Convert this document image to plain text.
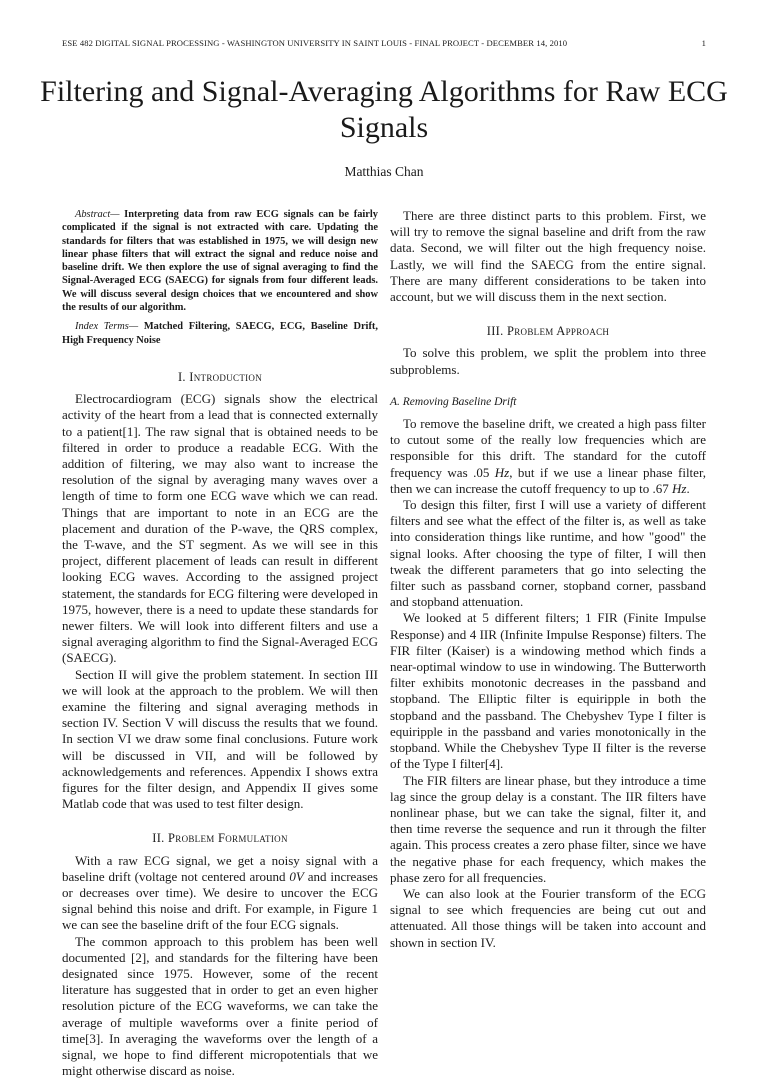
ESE 482 DIGITAL SIGNAL PROCESSING - WASHINGTON UNIVERSITY IN SAINT LOUIS - FINAL PROJECT - DECEMBER 14, 2010	1
Filtering and Signal-Averaging Algorithms for Raw ECG Signals
Matthias Chan

Abstract— Interpreting data from raw ECG signals can be fairly complicated if the signal is not extracted with care. Updating the standards for filters that was established in 1975, we will design new linear phase filters that will extract the signal and reduce noise and baseline drift. We then explore the use of signal averaging to find the Signal-Averaged ECG (SAECG) for signals from four different leads. We will discuss several design choices that we encountered and show the results of our algorithm.

Index Terms— Matched Filtering, SAECG, ECG, Baseline Drift, High Frequency Noise

I. Introduction

Electrocardiogram (ECG) signals show the electrical activity of the heart from a lead that is connected externally to a patient[1]. The raw signal that is obtained needs to be filtered in order to produce a readable ECG. With the addition of filtering, we may also want to increase the resolution of the signal by averaging many waves over a length of time to form one ECG wave which we can read. Things that are important to note in an ECG are the placement and duration of the P-wave, the QRS complex, the T-wave, and the ST segment. As we will see in this project, different placement of leads can result in different looking ECG waves. According to the assigned project statement, the standards for ECG filtering were developed in 1975, however, there is a need to update these standards for newer filters. We will look into different filters and use a signal averaging algorithm to find the Signal-Averaged ECG (SAECG).

Section II will give the problem statement. In section III we will look at the approach to the problem. We will then examine the filtering and signal averaging methods in section IV. Section V will discuss the results that we found. In section VI we draw some final conclusions. Future work will be discussed in VII, and will be followed by acknowledgements and references. Appendix I shows extra figures for the filter design, and Appendix II gives some Matlab code that was used to test filter design.

II. Problem Formulation

With a raw ECG signal, we get a noisy signal with a baseline drift (voltage not centered around 0V and increases or decreases over time). We desire to uncover the ECG signal behind this noise and drift. For example, in Figure 1 we can see the baseline drift of the four ECG signals.

The common approach to this problem has been well documented [2], and standards for the filtering have been designated since 1975. However, some of the recent literature has suggested that in order to get an even higher resolution picture of the ECG waveforms, we can take the average of multiple waveforms over a finite period of time[3]. In averaging the waveforms over the length of a signal, we hope to find different micropotentials that we might otherwise discard as noise.

There are three distinct parts to this problem. First, we will try to remove the signal baseline and drift from the raw data. Second, we will filter out the high frequency noise. Lastly, we will find the SAECG from the entire signal. There are many different considerations to be taken into account, but we will discuss them in the next section.

III. Problem Approach

To solve this problem, we split the problem into three subproblems.

A. Removing Baseline Drift

To remove the baseline drift, we created a high pass filter to cutout some of the really low frequencies which are responsible for this drift. The standard for the cutoff frequency was .05 Hz, but if we use a linear phase filter, then we can increase the cutoff frequency to up to .67 Hz.

To design this filter, first I will use a variety of different filters and see what the effect of the filter is, as well as take into consideration things like runtime, and how "good" the signal looks. After choosing the type of filter, I will then tweak the different parameters that go into selecting the filter such as passband corner, stopband corner, passband and stopband attenuation.

We looked at 5 different filters; 1 FIR (Finite Impulse Response) and 4 IIR (Infinite Impulse Response) filters. The FIR filter (Kaiser) is a windowing method which finds a near-optimal window to use in windowing. The Butterworth filter exhibits monotonic decreases in the passband and stopband. The Elliptic filter is equiripple in both the stopband and the passband. The Chebyshev Type I filter is equiripple in the passband and varies monotonically in the stopband. While the Chebyshev Type II filter is the reverse of the Type I filter[4].

The FIR filters are linear phase, but they introduce a time lag since the group delay is a constant. The IIR filters have nonlinear phase, but we can take the signal, filter it, and then time reverse the sequence and run it through the filter again. This process creates a zero phase filter, since we have the negative phase for each frequency, which makes the phase zero for all frequencies.

We can also look at the Fourier transform of the ECG signal to see which frequencies are being cut out and attenuated. All those things will be taken into account and shown in section IV.
